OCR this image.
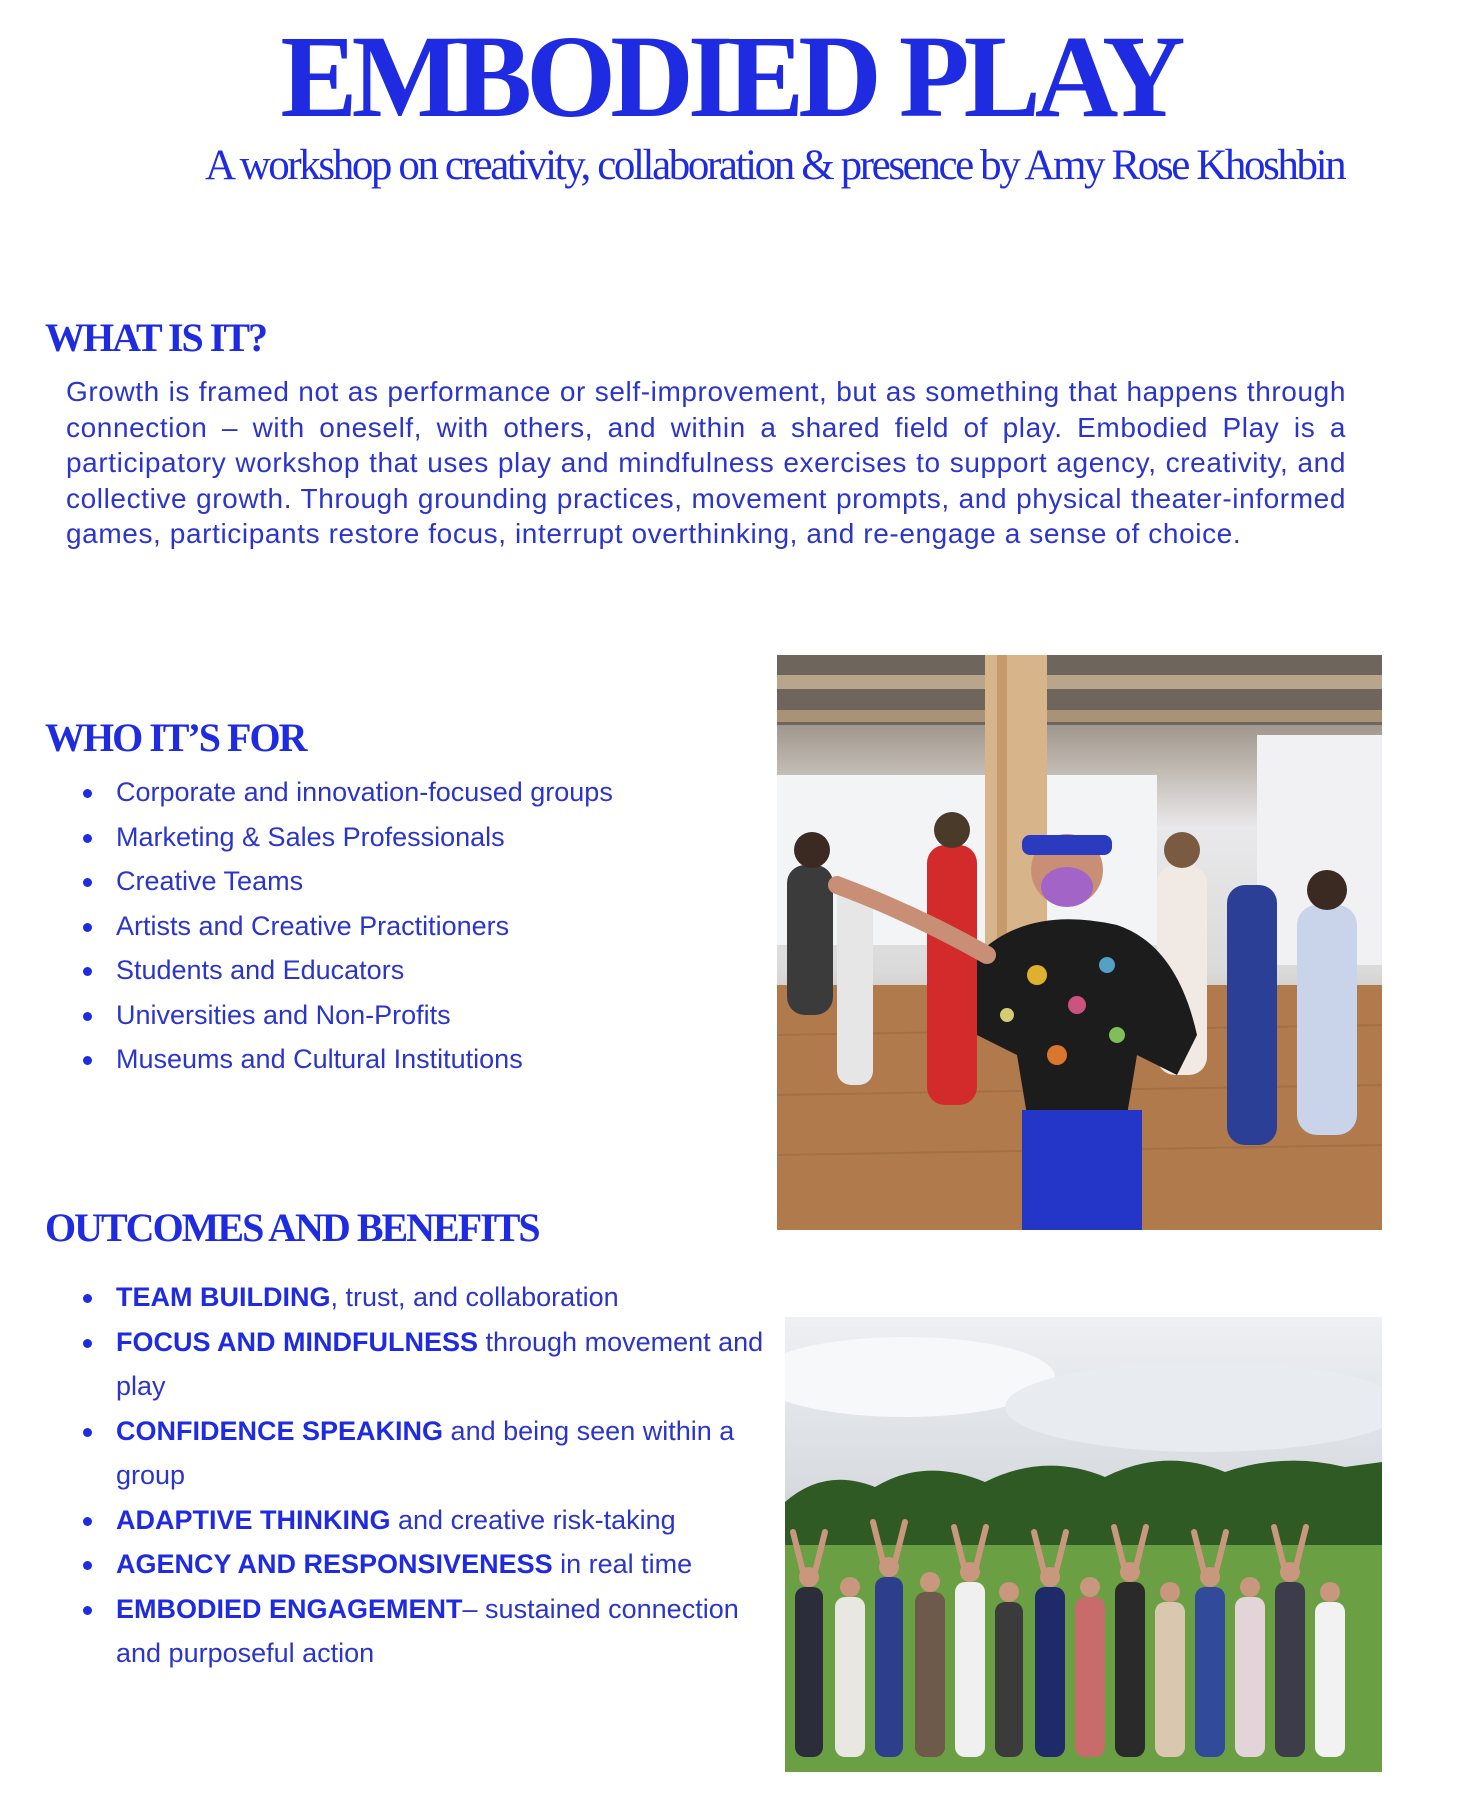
EMBODIED PLAY
A workshop on creativity, collaboration & presence by Amy Rose Khoshbin
WHAT IS IT?
Growth is framed not as performance or self-improvement, but as something that happens through connection – with oneself, with others, and within a shared field of play. Embodied Play is a participatory workshop that uses play and mindfulness exercises to support agency, creativity, and collective growth. Through grounding practices, movement prompts, and physical theater-informed games, participants restore focus, interrupt overthinking, and re-engage a sense of choice.
WHO IT’S FOR
Corporate and innovation-focused groups
Marketing & Sales Professionals
Creative Teams
Artists and Creative Practitioners
Students and Educators
Universities and Non-Profits
Museums and Cultural Institutions
OUTCOMES AND BENEFITS
TEAM BUILDING, trust, and collaboration
FOCUS AND MINDFULNESS through movement and play
CONFIDENCE SPEAKING and being seen within a group
ADAPTIVE THINKING and creative risk-taking
AGENCY AND RESPONSIVENESS in real time
EMBODIED ENGAGEMENT– sustained connection and purposeful action
